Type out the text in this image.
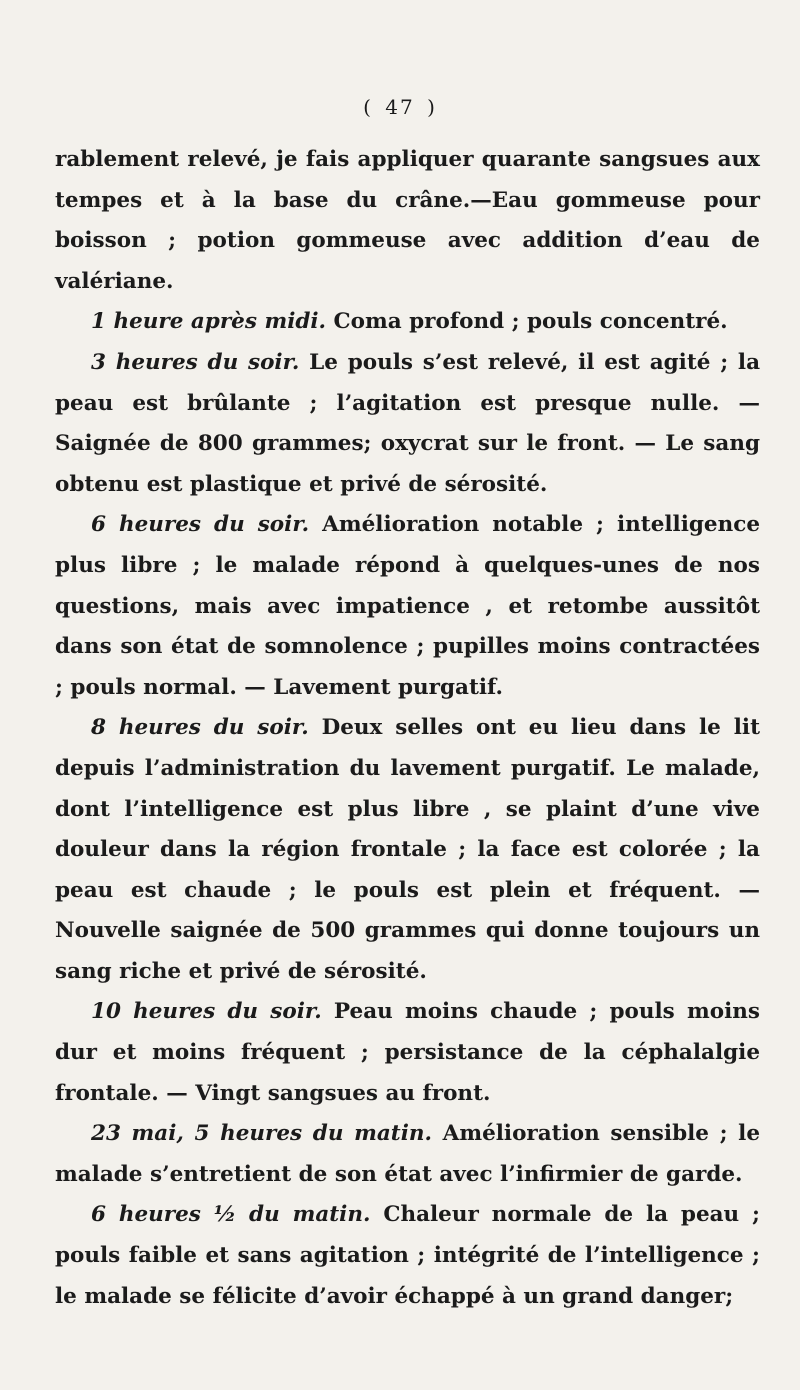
( 47 )

rablement relevé, je fais appliquer quarante sangsues aux tempes et à la base du crâne.—Eau gommeuse pour boisson ; potion gommeuse avec addition d’eau de valériane.

1 heure après midi. Coma profond ; pouls concentré.

3 heures du soir. Le pouls s’est relevé, il est agité ; la peau est brûlante ; l’agitation est presque nulle. — Saignée de 800 grammes; oxycrat sur le front. — Le sang obtenu est plastique et privé de sérosité.

6 heures du soir. Amélioration notable ; intelligence plus libre ; le malade répond à quelques-unes de nos questions, mais avec impatience , et retombe aussitôt dans son état de somnolence ; pupilles moins contractées ; pouls normal. — Lavement purgatif.

8 heures du soir. Deux selles ont eu lieu dans le lit depuis l’administration du lavement purgatif. Le malade, dont l’intelligence est plus libre , se plaint d’une vive douleur dans la région frontale ; la face est colorée ; la peau est chaude ; le pouls est plein et fréquent. — Nouvelle saignée de 500 grammes qui donne toujours un sang riche et privé de sérosité.

10 heures du soir. Peau moins chaude ; pouls moins dur et moins fréquent ; persistance de la céphalalgie frontale. — Vingt sangsues au front.

23 mai, 5 heures du matin. Amélioration sensible ; le malade s’entretient de son état avec l’infirmier de garde.

6 heures ½ du matin. Chaleur normale de la peau ; pouls faible et sans agitation ; intégrité de l’intelligence ; le malade se félicite d’avoir échappé à un grand danger;
